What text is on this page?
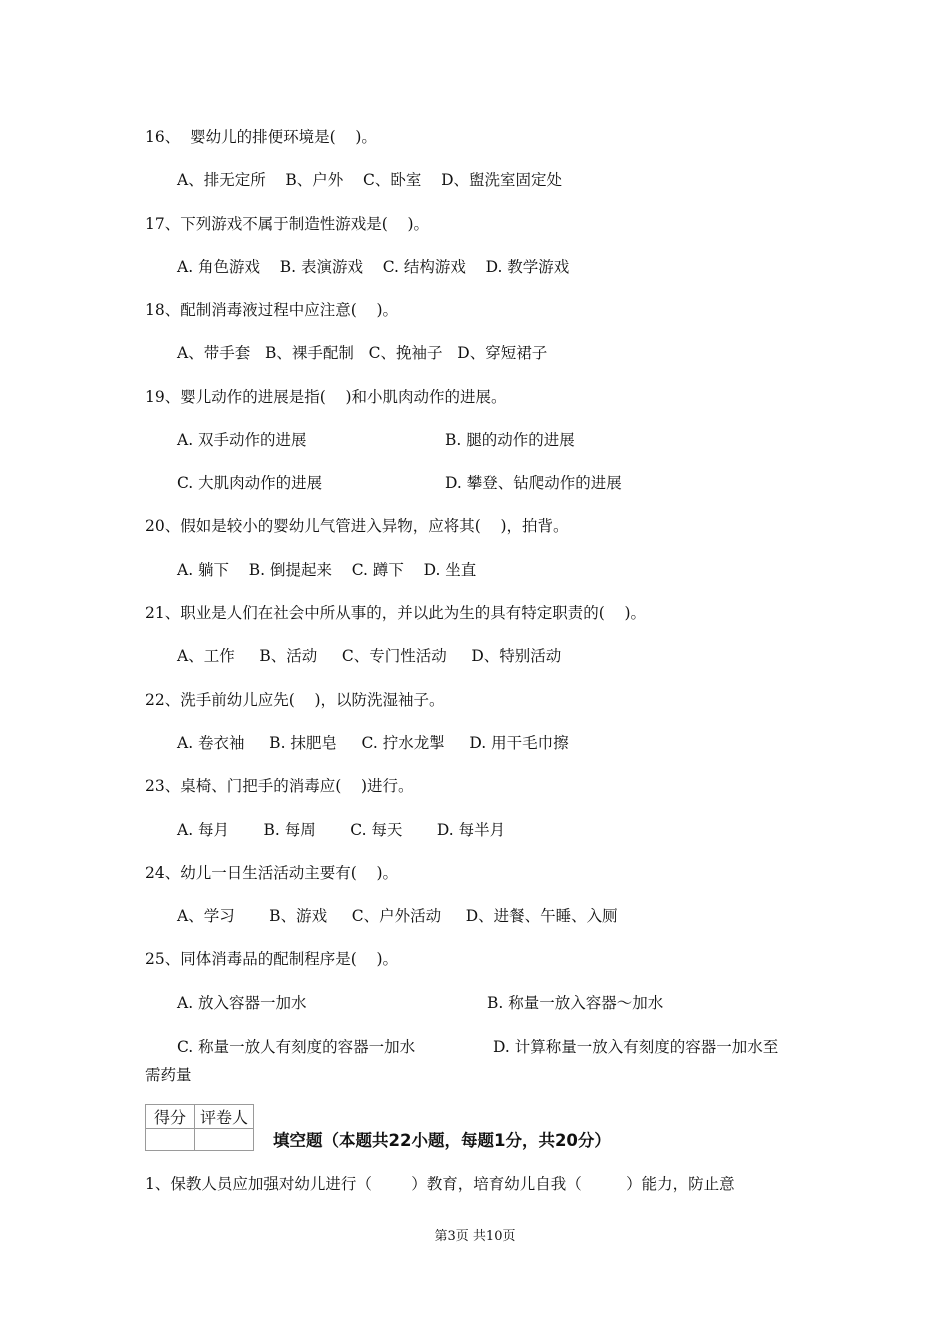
16、  婴幼儿的排便环境是(    )。
A、排无定所    B、户外    C、卧室    D、盥洗室固定处
17、下列游戏不属于制造性游戏是(    )。
A. 角色游戏    B. 表演游戏    C. 结构游戏    D. 教学游戏
18、配制消毒液过程中应注意(    )。
A、带手套   B、裸手配制   C、挽袖子   D、穿短裙子
19、婴儿动作的进展是指(    )和小肌肉动作的进展。
A. 双手动作的进展	B. 腿的动作的进展
C. 大肌肉动作的进展	D. 攀登、钻爬动作的进展
20、假如是较小的婴幼儿气管进入异物，应将其(    )，拍背。
A. 躺下    B. 倒提起来    C. 蹲下    D. 坐直
21、职业是人们在社会中所从事的，并以此为生的具有特定职责的(    )。
A、工作     B、活动     C、专门性活动     D、特别活动
22、洗手前幼儿应先(    )，以防洗湿袖子。
A. 卷衣袖     B. 抹肥皂     C. 拧水龙掣     D. 用干毛巾擦
23、桌椅、门把手的消毒应(    )进行。
A. 每月       B. 每周       C. 每天       D. 每半月
24、幼儿一日生活活动主要有(    )。
A、学习       B、游戏     C、户外活动     D、进餐、午睡、入厕
25、同体消毒品的配制程序是(    )。
A. 放入容器一加水	B. 称量一放入容器～加水
C. 称量一放人有刻度的容器一加水	D. 计算称量一放入有刻度的容器一加水至
需药量
得分	评卷人

填空题（本题共22小题，每题1分，共20分）
1、保教人员应加强对幼儿进行（        ）教育，培育幼儿自我（         ）能力，防止意
第3页 共10页
